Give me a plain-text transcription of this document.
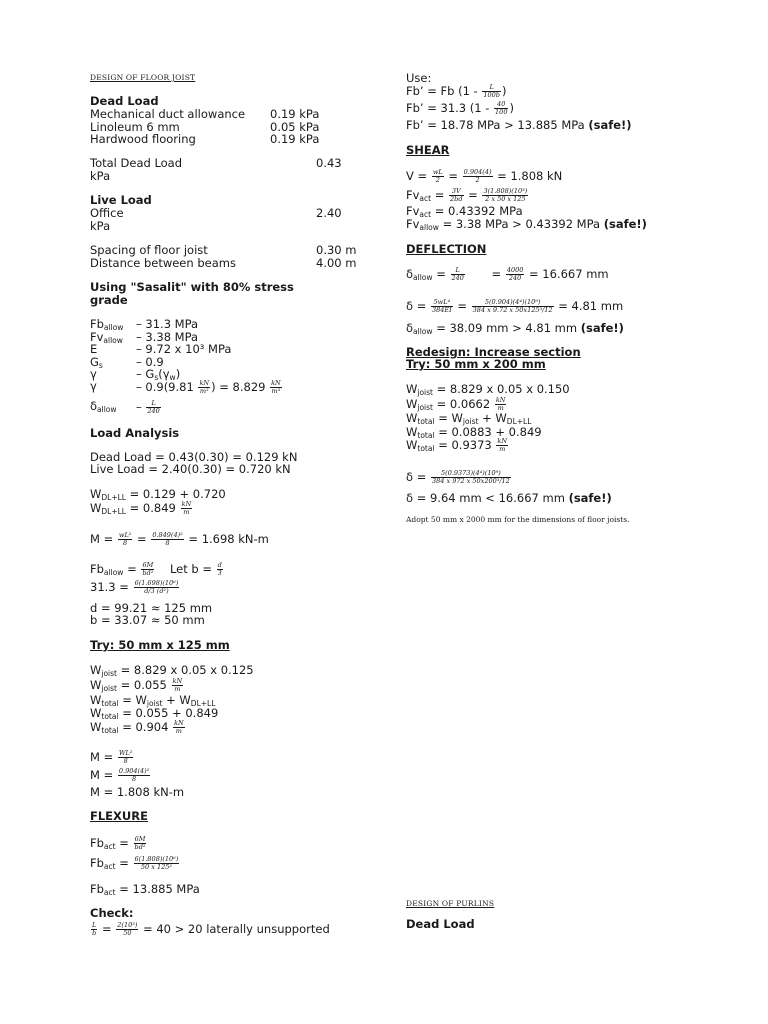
DESIGN OF FLOOR JOIST
Dead Load
Mechanical duct allowance 0.19 kPa
Linoleum 6 mm	0.05 kPa
Hardwood flooring	0.19 kPa
Total Dead Load	0.43
kPa
Live Load
Office	2.40
kPa
Spacing of floor joist	0.30 m
Distance between beams	4.00 m
Using "Sasalit" with 80% stress
grade
$Fb_{allow} - 31.3$ MPa
$Fv_{allow} - 3.38$ MPa
E	– 9.72 x 10³ MPa
$G_s$	– 0.9
γ	– $G_s(\gamma_w)$
γ	– $0.9(9.81 \frac{kN}{\text{m²}}$ ) = $8.829 \frac{kN}{\text{m³}}$
$\delta_{allow} - \frac{L}{240}$
Load Analysis
Dead Load = 0.43(0.30) = 0.129 kN
Live Load = 2.40(0.30) = 0.720 kN
$W_{DL+LL} = 0.129 + 0.720$
$W_{DL+LL} = 0.849 \frac{kN}{m}$
$M = \frac{\text{wL²}}{8} = \frac{\text{0.849(4)²}}{8} = 1.698$ kN-m
$Fb_{allow} = \frac{6M}{\text{bd²}}$ Let $b = \frac{d}{3}$
$31.3 = \frac{\text{6(1.698)(10⁶)}}{\text{d/3 (d²)}}$
d = 99.21 ≈ 125 mm
b = 33.07 ≈ 50 mm
Try: 50 mm x 125 mm
$W_{joist} = 8.829$ x 0.05 x 0.125
$W_{joist} = 0.055 \frac{kN}{m}$
$W_{total} = W_{joist} + W_{DL+LL}$
$W_{total} = 0.055 + 0.849$
$W_{total} = 0.904 \frac{kN}{m}$
$M = \frac{\text{WL²}}{8}$
$M = \frac{\text{0.904(4)²}}{8}$
M = 1.808 kN-m
FLEXURE
$Fb_{act} = \frac{6M}{\text{bd²}}$
$Fb_{act} = \frac{\text{6(1.808)(10⁶)}}{\text{50 x 125²}}$
$Fb_{act} = 13.885$ MPa
Check:
$\frac{L}{b} = \frac{\text{2(10³)}}{50} = 40 > 20$ laterally unsupported
Use:
Fb’ = Fb ($1 - \frac{L}{100b}$ )
Fb’ = 31.3 ($1 - \frac{40}{100}$ )
Fb’ = 18.78 MPa > 13.885 MPa (safe!)
SHEAR
$V = \frac{wL}{2} = \frac{0.904(4)}{2} = 1.808$ kN
$Fv_{act} = \frac{3V}{2bd} = \frac{\text{3(1.808)(10³)}}{2 x 50 x 125}$
$Fv_{act} = 0.43392$ MPa
$Fv_{allow} = 3.38$ MPa > 0.43392 MPa (safe!)
DEFLECTION
$\delta_{allow} = \frac{L}{240} = \frac{4000}{240} = 16.667$ mm
$\delta = \frac{\text{5wL⁴}}{384EI} = \frac{\text{5(0.904)(4⁴)(10⁹)}}{\text{384 x 9.72 x 50x125³/12}} = 4.81$ mm
$\delta_{allow} = 38.09$ mm > 4.81 mm (safe!)
Redesign: Increase section
Try: 50 mm x 200 mm
$W_{joist} = 8.829$ x 0.05 x 0.150
$W_{joist} = 0.0662 \frac{kN}{m}$
$W_{total} = W_{joist} + W_{DL+LL}$
$W_{total} = 0.0883 + 0.849$
$W_{total} = 0.9373 \frac{kN}{m}$
$\delta = \frac{\text{5(0.9373)(4⁴)(10⁹)}}{\text{384 x 972 x 50x200³/12}}$
δ = 9.64 mm < 16.667 mm (safe!)
Adopt 50 mm x 2000 mm for the dimensions of floor joists.
DESIGN OF PURLINS
Dead Load
